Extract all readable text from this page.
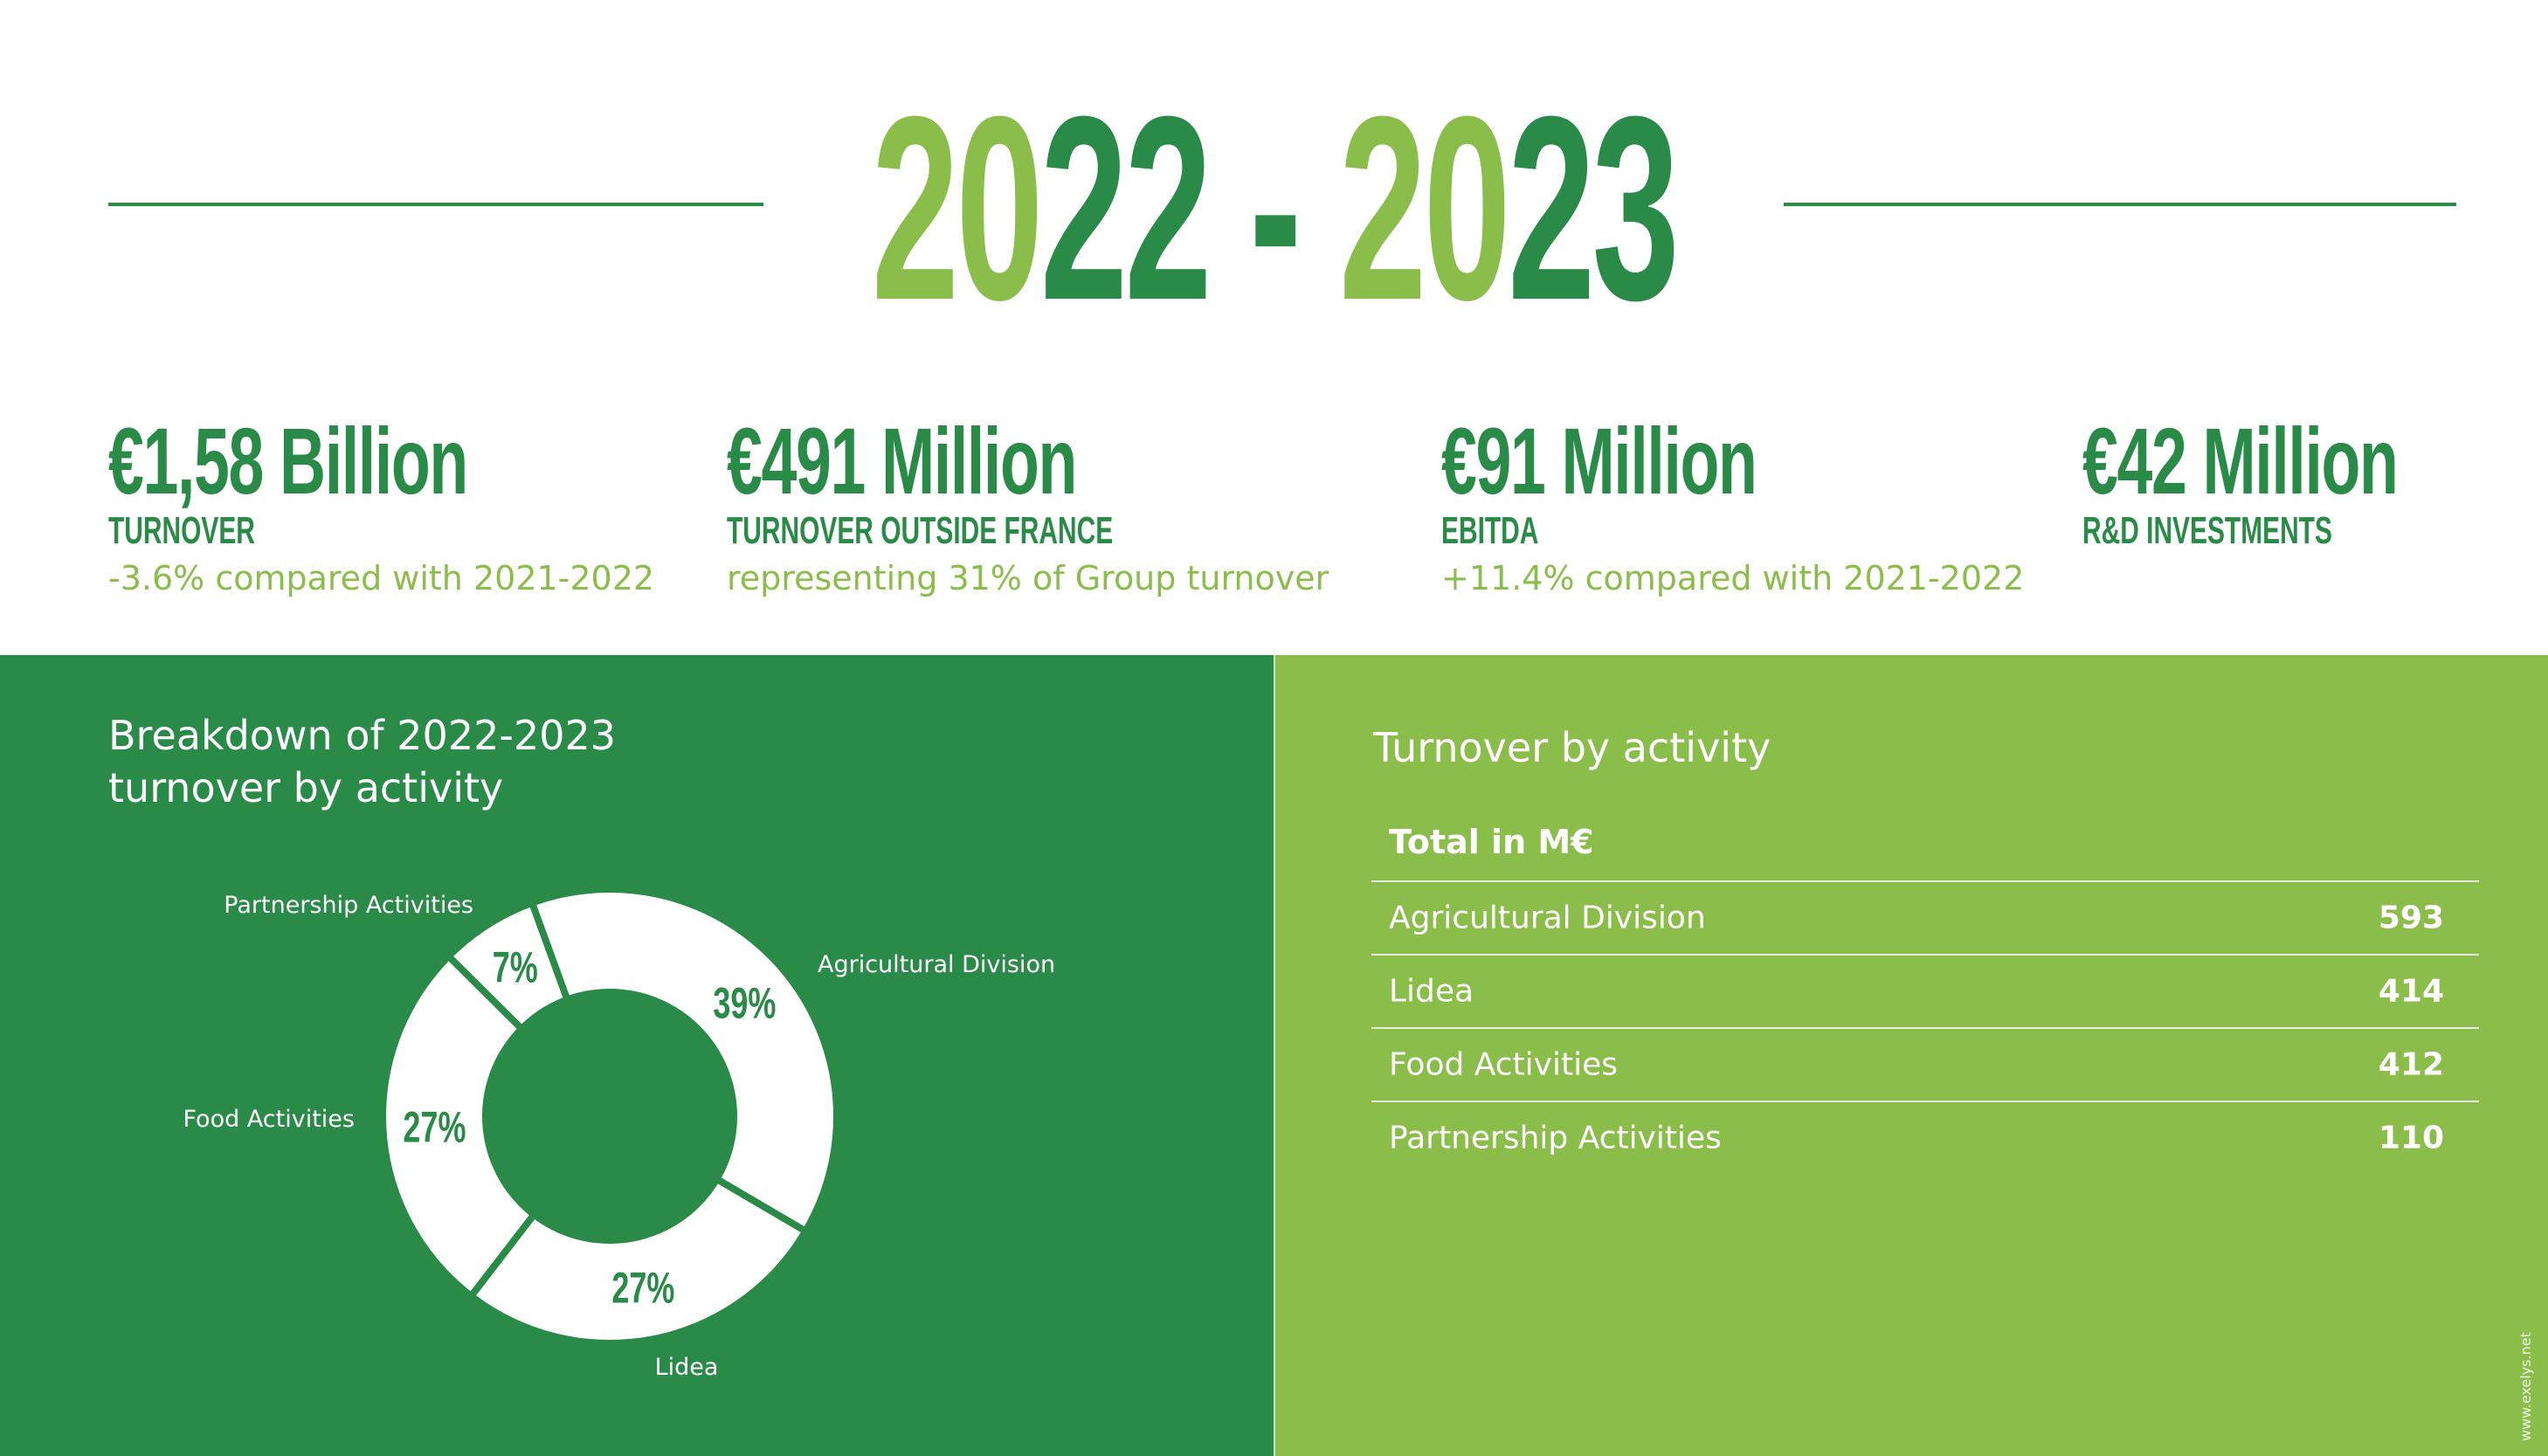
2022 - 2023
€1,58 Billion
TURNOVER
-3.6% compared with 2021-2022
€491 Million
TURNOVER OUTSIDE FRANCE
representing 31% of Group turnover
€91 Million
EBITDA
+11.4% compared with 2021-2022
€42 Million
R&D INVESTMENTS
Breakdown of 2022-2023
turnover by activity
39%
Agricultural Division
27%
Lidea
27%
Food Activities
7%
Partnership Activities
Turnover by activity
Total in M€
Agricultural Division	593
Lidea	414
Food Activities	412
Partnership Activities	110
www.exelys.net
